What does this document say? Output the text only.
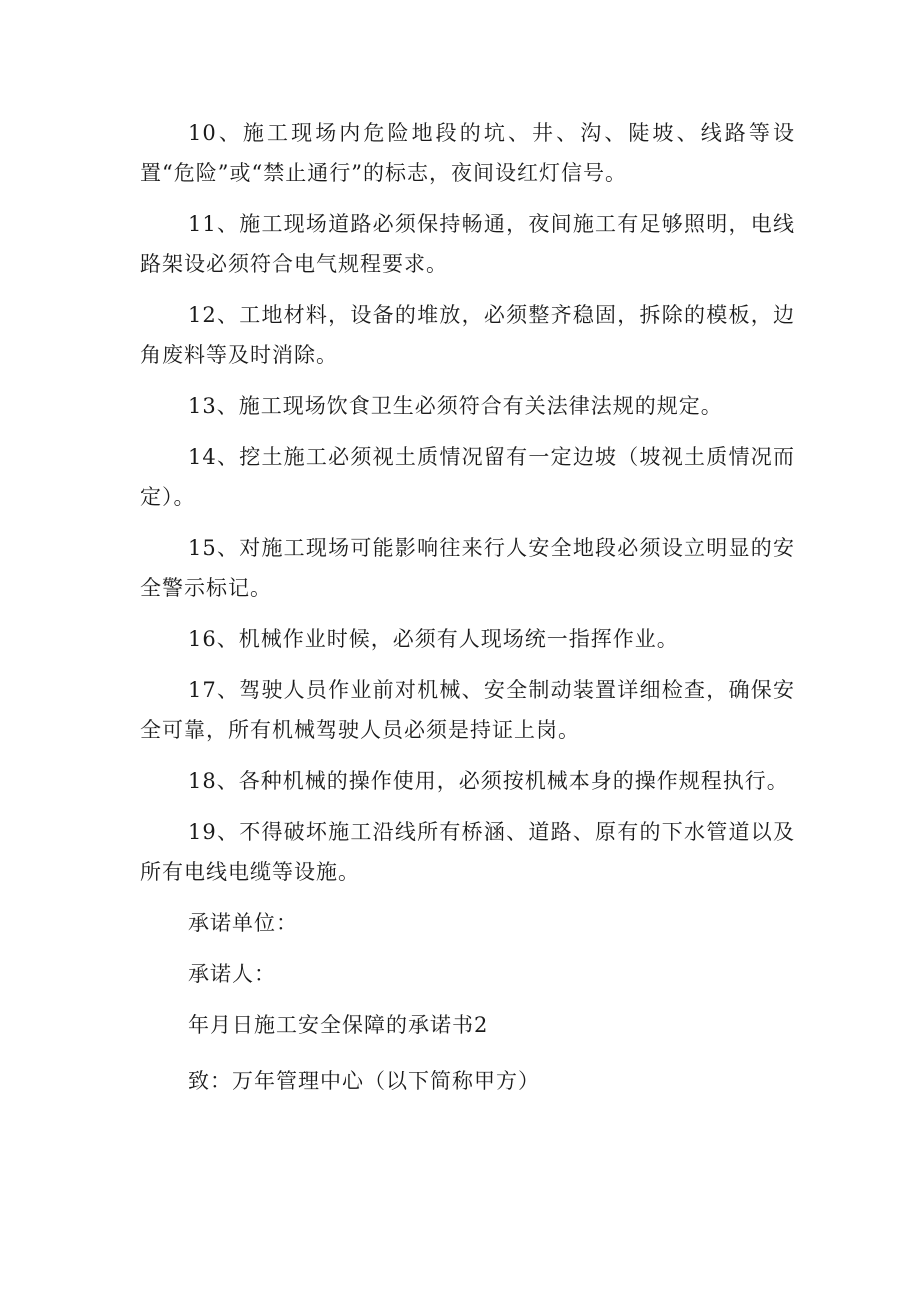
10、施工现场内危险地段的坑、井、沟、陡坡、线路等设置“危险”或“禁止通行”的标志，夜间设红灯信号。

11、施工现场道路必须保持畅通，夜间施工有足够照明，电线路架设必须符合电气规程要求。

12、工地材料，设备的堆放，必须整齐稳固，拆除的模板，边角废料等及时消除。

13、施工现场饮食卫生必须符合有关法律法规的规定。

14、挖土施工必须视土质情况留有一定边坡（坡视土质情况而定）。

15、对施工现场可能影响往来行人安全地段必须设立明显的安全警示标记。

16、机械作业时候，必须有人现场统一指挥作业。

17、驾驶人员作业前对机械、安全制动装置详细检查，确保安全可靠，所有机械驾驶人员必须是持证上岗。

18、各种机械的操作使用，必须按机械本身的操作规程执行。

19、不得破坏施工沿线所有桥涵、道路、原有的下水管道以及所有电线电缆等设施。

承诺单位：

承诺人：

年月日施工安全保障的承诺书2

致：万年管理中心（以下简称甲方）
